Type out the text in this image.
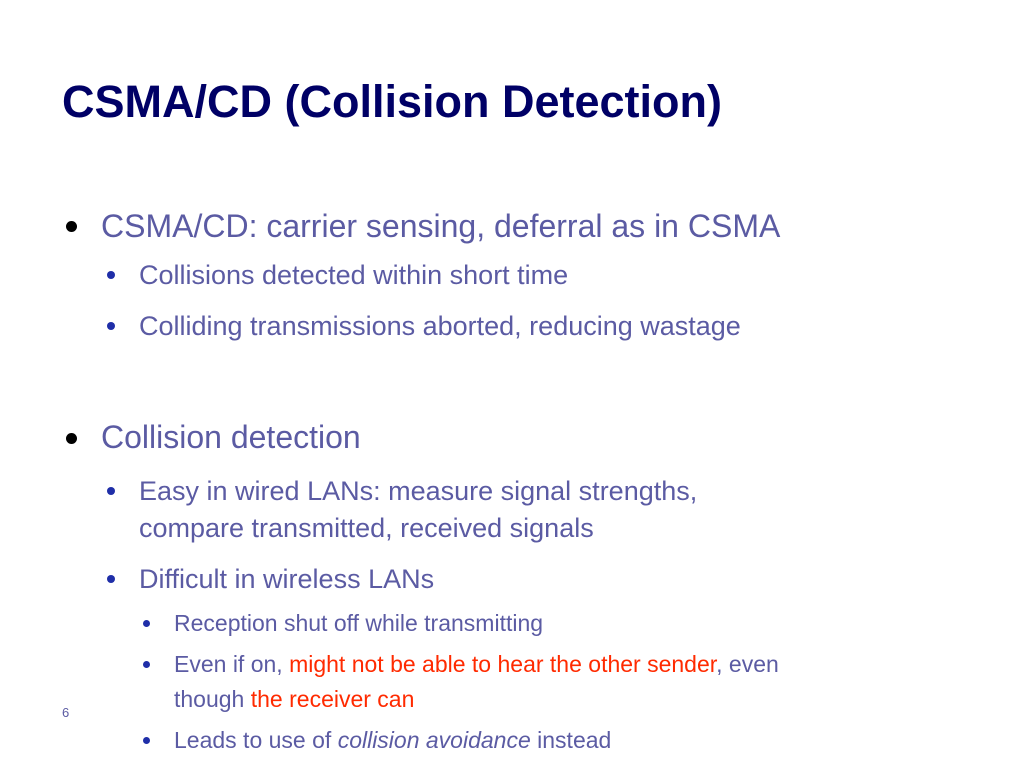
CSMA/CD (Collision Detection)
CSMA/CD: carrier sensing, deferral as in CSMA
Collisions detected within short time
Colliding transmissions aborted, reducing wastage
Collision detection
Easy in wired LANs: measure signal strengths,
compare transmitted, received signals
Difficult in wireless LANs
Reception shut off while transmitting
Even if on, might not be able to hear the other sender, even
though the receiver can
Leads to use of collision avoidance instead
6
